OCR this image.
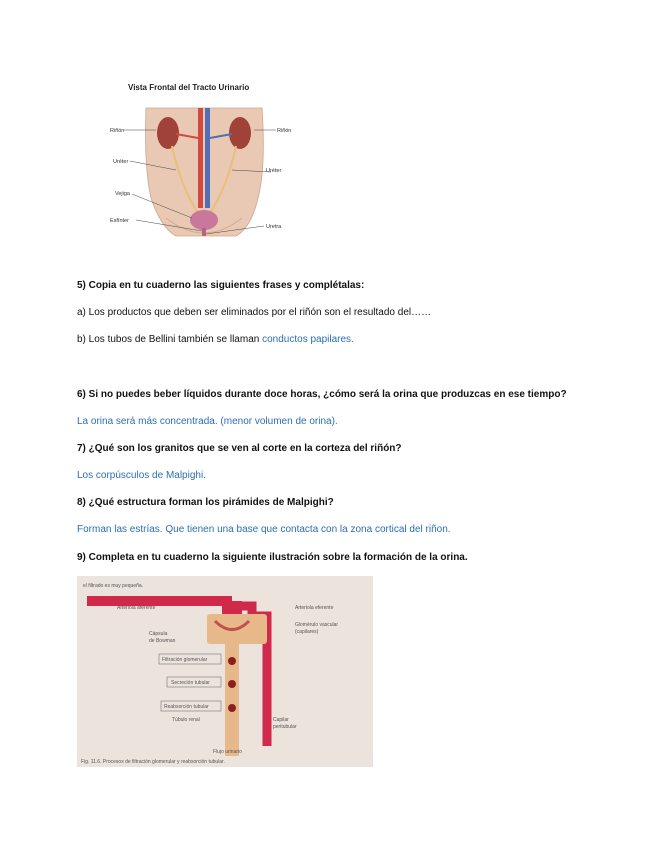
Vista Frontal del Tracto Urinario
Riñón	Riñón
Uréter
Uréter
Vejiga
Esfínter
Uretra
5) Copia en tu cuaderno las siguientes frases y complétalas:
a) Los productos que deben ser eliminados por el riñón son el resultado del……
b) Los tubos de Bellini también se llaman conductos papilares.
6) Si no puedes beber líquidos durante doce horas, ¿cómo será la orina que produzcas en ese tiempo?
La orina será más concentrada. (menor volumen de orina).
7) ¿Qué son los granitos que se ven al corte en la corteza del riñón?
Los corpúsculos de Malpighi.
8) ¿Qué estructura forman los pirámides de Malpighi?
Forman las estrías. Que tienen una base que contacta con la zona cortical del riñon.
9) Completa en tu cuaderno la siguiente ilustración sobre la formación de la orina.
el filtrado es muy pequeña.
Arteriola aferente	Arteriola eferente
Glomérulo vascular
(capilares)
Cápsula
de Bowman
Filtración glomerular
Secreción tubular
Reabsorción tubular
Túbulo renal	Capilar
peritubular
Flujo urinario
Fig. 11.6. Procesos de filtración glomerular y reabsorción tubular.
